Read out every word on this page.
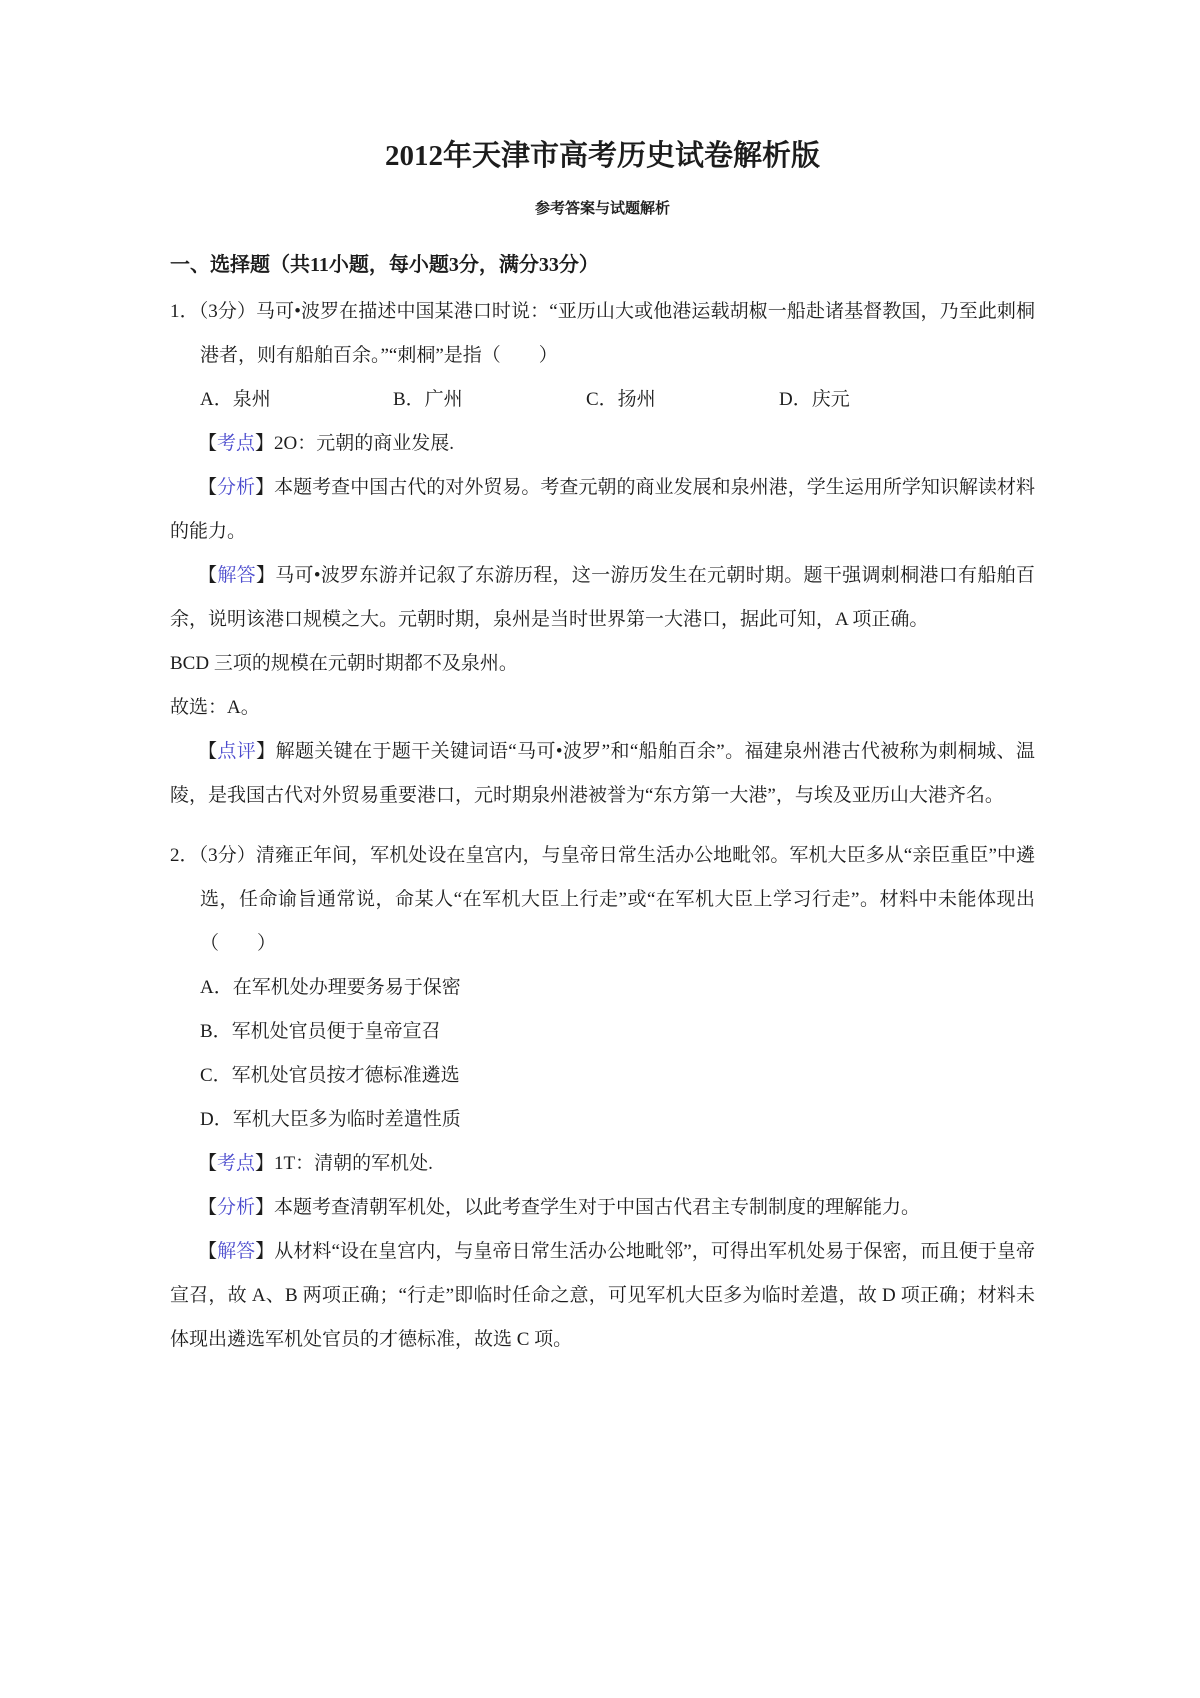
2012年天津市高考历史试卷解析版
参考答案与试题解析
一、选择题（共11小题，每小题3分，满分33分）

1．（3分）马可•波罗在描述中国某港口时说：“亚历山大或他港运载胡椒一船赴诸基督教国，乃至此刺桐港者，则有船舶百余。”“刺桐”是指（　　）

A．泉州	B．广州	C．扬州	D．庆元

【考点】2O：元朝的商业发展.

【分析】本题考查中国古代的对外贸易。考查元朝的商业发展和泉州港，学生运用所学知识解读材料的能力。

【解答】马可•波罗东游并记叙了东游历程，这一游历发生在元朝时期。题干强调刺桐港口有船舶百余，说明该港口规模之大。元朝时期，泉州是当时世界第一大港口，据此可知，A 项正确。

BCD 三项的规模在元朝时期都不及泉州。

故选：A。

【点评】解题关键在于题干关键词语“马可•波罗”和“船舶百余”。福建泉州港古代被称为刺桐城、温陵，是我国古代对外贸易重要港口，元时期泉州港被誉为“东方第一大港”，与埃及亚历山大港齐名。

2．（3分）清雍正年间，军机处设在皇宫内，与皇帝日常生活办公地毗邻。军机大臣多从“亲臣重臣”中遴选，任命谕旨通常说，命某人“在军机大臣上行走”或“在军机大臣上学习行走”。材料中未能体现出（　　）

A．在军机处办理要务易于保密

B．军机处官员便于皇帝宣召

C．军机处官员按才德标准遴选

D．军机大臣多为临时差遣性质

【考点】1T：清朝的军机处.

【分析】本题考查清朝军机处，以此考查学生对于中国古代君主专制制度的理解能力。

【解答】从材料“设在皇宫内，与皇帝日常生活办公地毗邻”，可得出军机处易于保密，而且便于皇帝宣召，故 A、B 两项正确；“行走”即临时任命之意，可见军机大臣多为临时差遣，故 D 项正确；材料未体现出遴选军机处官员的才德标准，故选 C 项。
